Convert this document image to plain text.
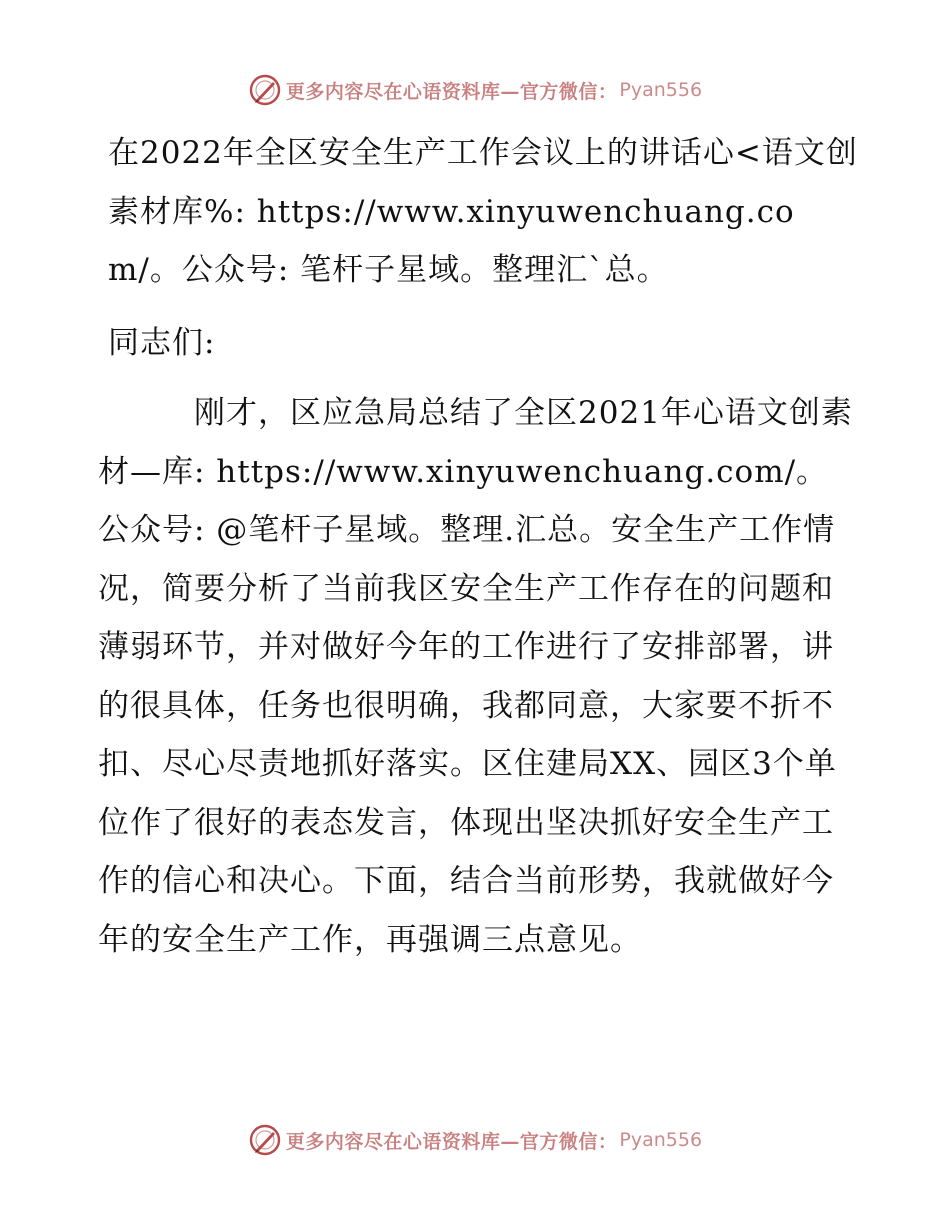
更多内容尽在心语资料库—官方微信： Pyan556

在2022年全区安全生产工作会议上的讲话心<语文创素材库%: https://www.xinyuwenchuang.com/。公众号: 笔杆子星域。整理汇`总。

同志们:

刚才，区应急局总结了全区2021年心语文创素材—库: https://www.xinyuwenchuang.com/。公众号: @笔杆子星域。整理.汇总。安全生产工作情况，简要分析了当前我区安全生产工作存在的问题和薄弱环节，并对做好今年的工作进行了安排部署，讲的很具体，任务也很明确，我都同意，大家要不折不扣、尽心尽责地抓好落实。区住建局XX、园区3个单位作了很好的表态发言，体现出坚决抓好安全生产工作的信心和决心。下面，结合当前形势，我就做好今年的安全生产工作，再强调三点意见。

更多内容尽在心语资料库—官方微信： Pyan556
